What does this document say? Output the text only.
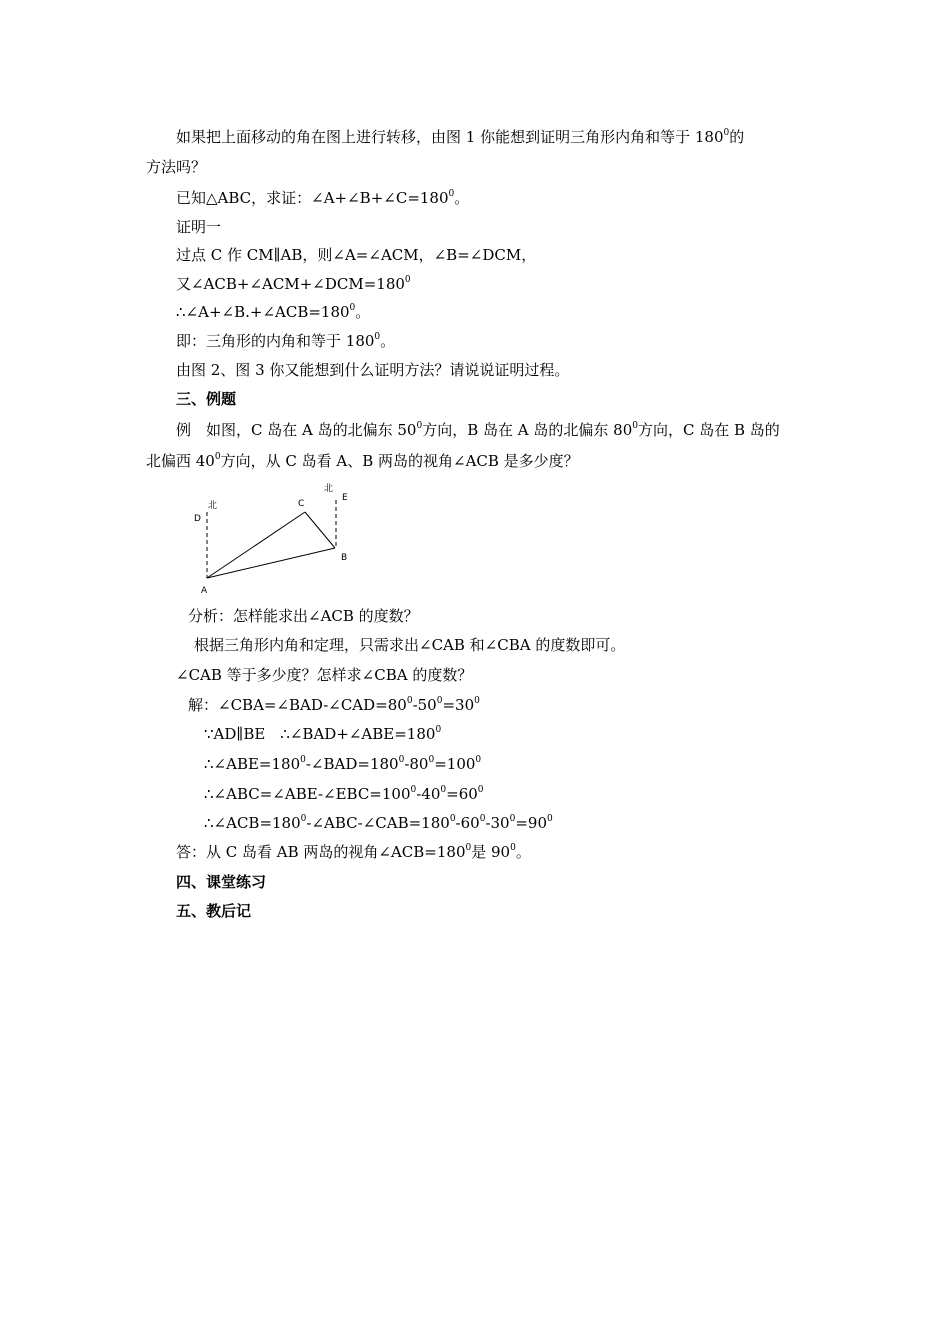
如果把上面移动的角在图上进行转移，由图 1 你能想到证明三角形内角和等于 $180^0$的
方法吗？
已知△ABC，求证：$\angle A+\angle B+\angle C=180^0$。
证明一
过点 C 作 CM∥AB，则∠A=∠ACM，∠B=∠DCM，
又$\angle ACB+\angle ACM+\angle DCM=180^0$
$\therefore\angle A+\angle B.+\angle ACB=180^0$。
即：三角形的内角和等于 $180^0$。
由图 2、图 3 你又能想到什么证明方法？请说说证明过程。
三、例题
例　如图，C 岛在 A 岛的北偏东 $50^0$方向，B 岛在 A 岛的北偏东 $80^0$方向，C 岛在 B 岛的
北偏西 $40^0$方向，从 C 岛看 A、B 两岛的视角∠ACB 是多少度？
北
北
D
C
E
B
A
分析：怎样能求出∠ACB 的度数？
根据三角形内角和定理，只需求出∠CAB 和∠CBA 的度数即可。
∠CAB 等于多少度？怎样求∠CBA 的度数？
解：$\angle CBA=\angle BAD-\angle CAD=80^0-50^0=30^0$
∵AD∥BE　$\therefore\angle BAD+\angle ABE=180^0$
$\therefore\angle ABE=180^0-\angle BAD=180^0-80^0=100^0$
$\therefore\angle ABC=\angle ABE-\angle EBC=100^0-40^0=60^0$
$\therefore\angle ACB=180^0-\angle ABC-\angle CAB=180^0-60^0-30^0=90^0$
答：从 C 岛看 AB 两岛的视角$\angle ACB=180^0$是 $90^0$。
四、课堂练习
五、教后记
